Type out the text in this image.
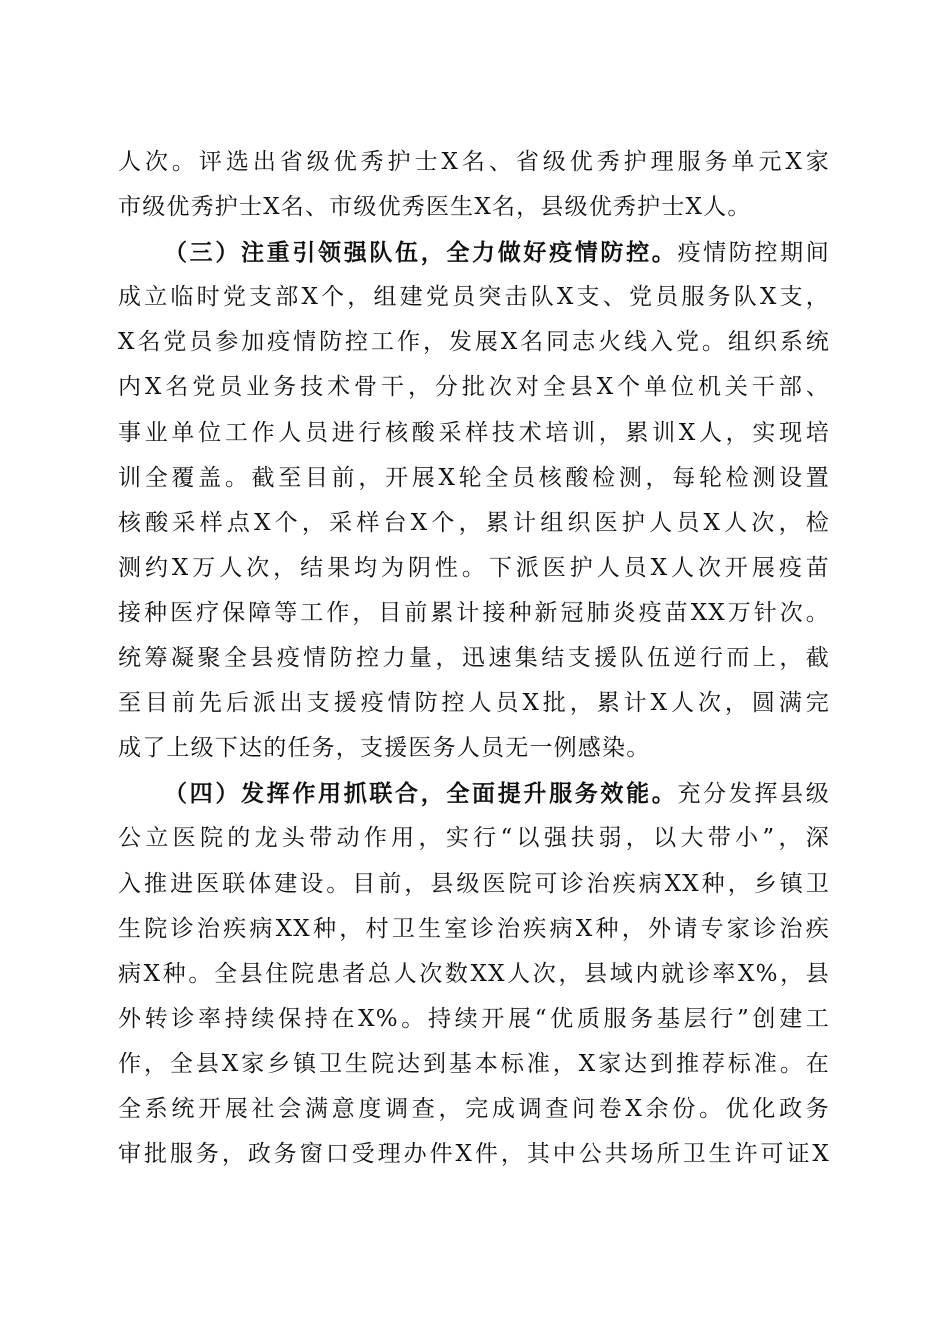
人次。评选出省级优秀护士X名、省级优秀护理服务单元X家
市级优秀护士X名、市级优秀医生X名，县级优秀护士X人。
（三）注重引领强队伍，全力做好疫情防控。疫情防控期间
成立临时党支部X个，组建党员突击队X支、党员服务队X支，
X名党员参加疫情防控工作，发展X名同志火线入党。组织系统
内X名党员业务技术骨干，分批次对全县X个单位机关干部、
事业单位工作人员进行核酸采样技术培训，累训X人，实现培
训全覆盖。截至目前，开展X轮全员核酸检测，每轮检测设置
核酸采样点X个，采样台X个，累计组织医护人员X人次，检
测约X万人次，结果均为阴性。下派医护人员X人次开展疫苗
接种医疗保障等工作，目前累计接种新冠肺炎疫苗XX万针次。
统筹凝聚全县疫情防控力量，迅速集结支援队伍逆行而上，截
至目前先后派出支援疫情防控人员X批，累计X人次，圆满完
成了上级下达的任务，支援医务人员无一例感染。
（四）发挥作用抓联合，全面提升服务效能。充分发挥县级
公立医院的龙头带动作用，实行“以强扶弱，以大带小”，深
入推进医联体建设。目前，县级医院可诊治疾病XX种，乡镇卫
生院诊治疾病XX种，村卫生室诊治疾病X种，外请专家诊治疾
病X种。全县住院患者总人次数XX人次，县域内就诊率X%，县
外转诊率持续保持在X%。持续开展“优质服务基层行”创建工
作，全县X家乡镇卫生院达到基本标准，X家达到推荐标准。在
全系统开展社会满意度调查，完成调查问卷X余份。优化政务
审批服务，政务窗口受理办件X件，其中公共场所卫生许可证X
